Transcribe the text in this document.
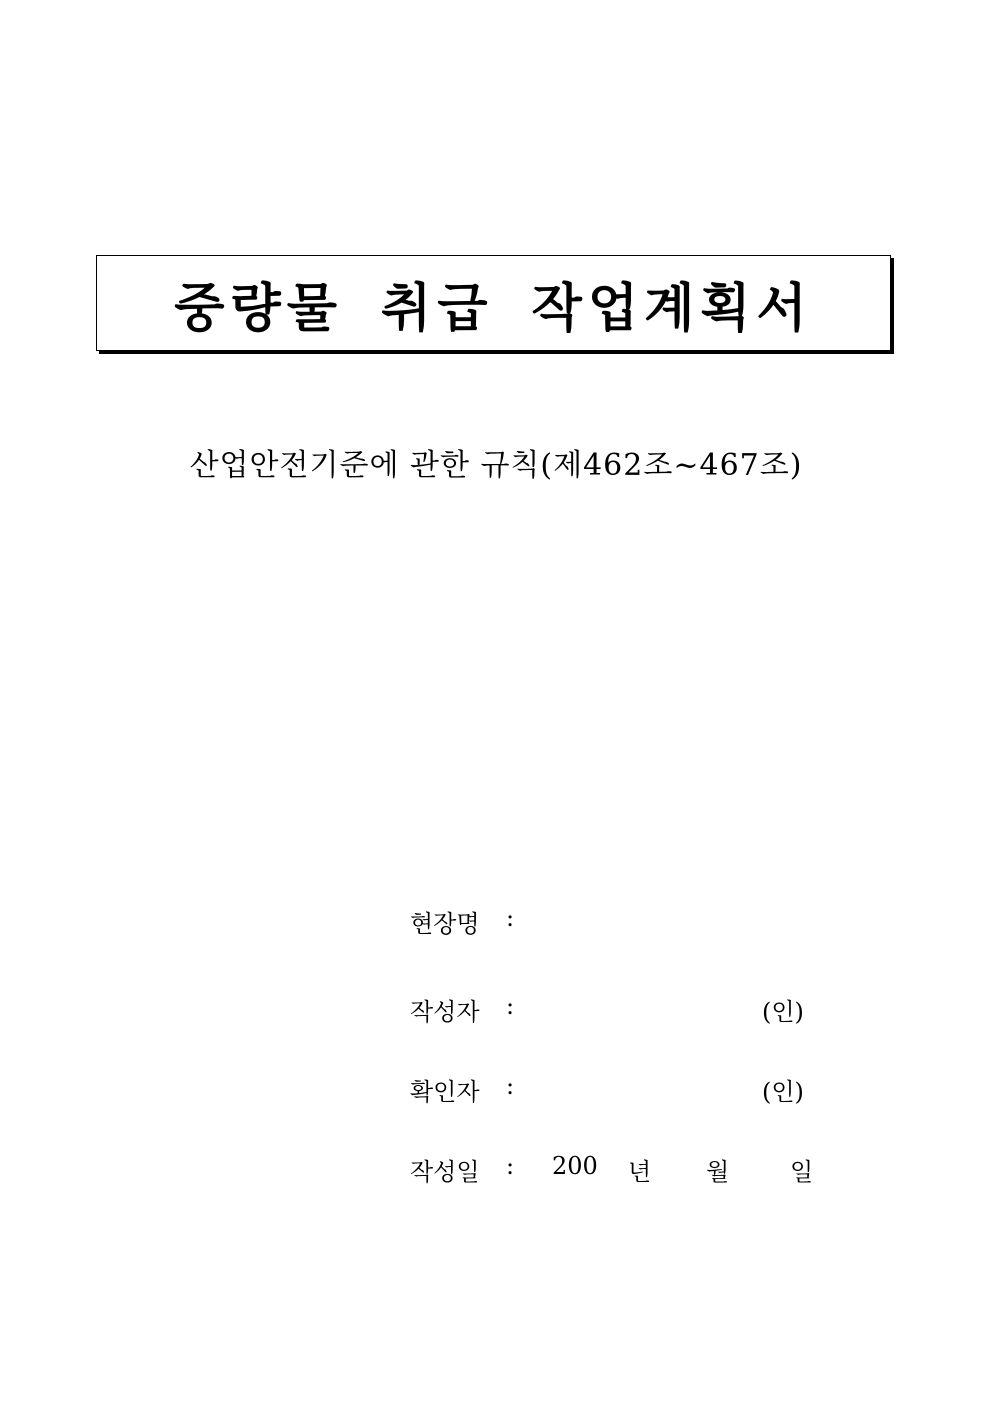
중량물 취급 작업계획서
산업안전기준에 관한 규칙(제462조~467조)
현장명 :
작성자 :	(인)
확인자 :	(인)
작성일 : 200 년 월	일
